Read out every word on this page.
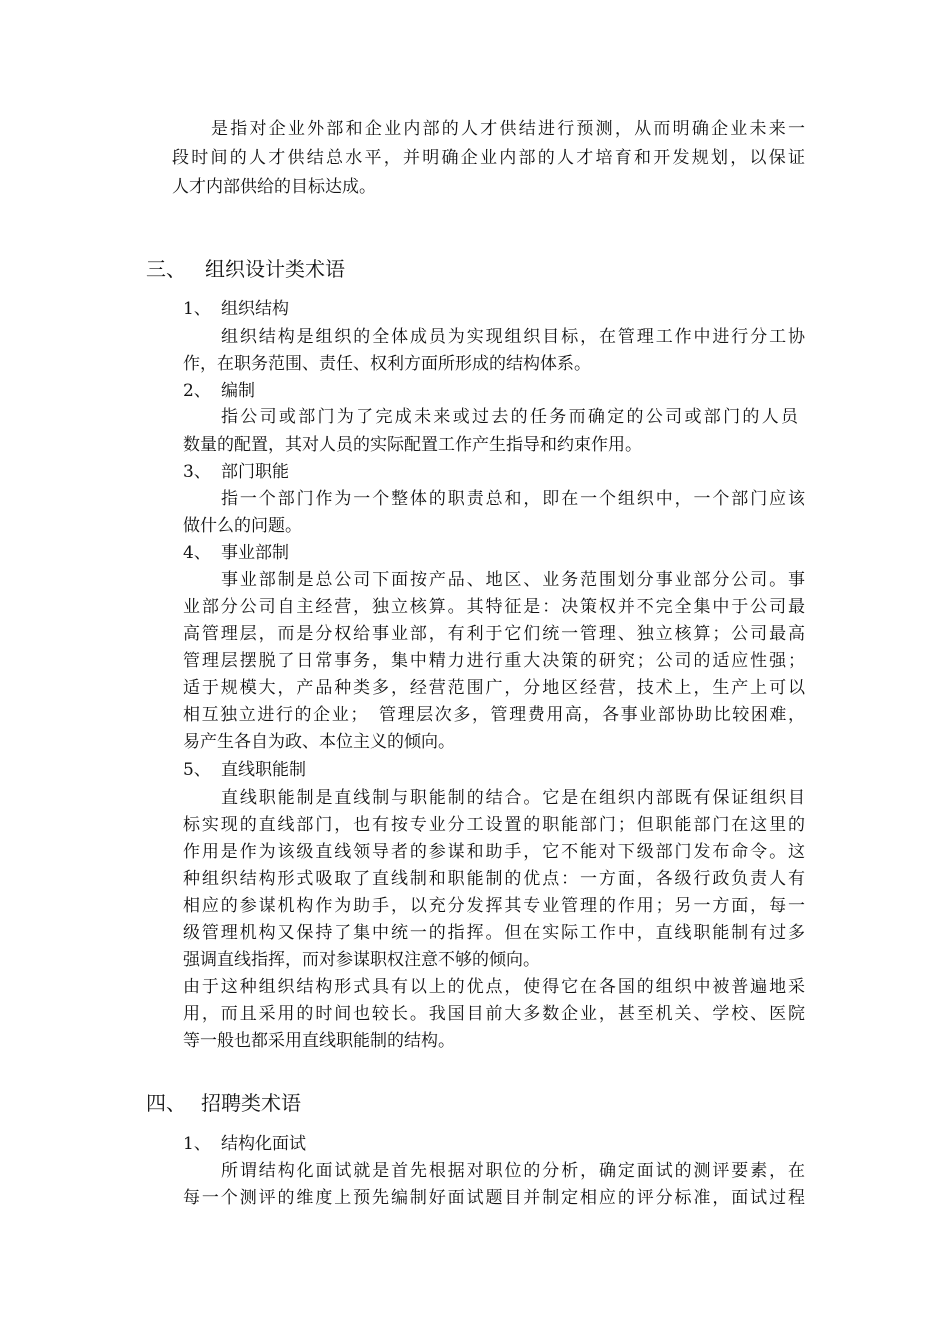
是指对企业外部和企业内部的人才供结进行预测，从而明确企业未来一
段时间的人才供结总水平，并明确企业内部的人才培育和开发规划，以保证
人才内部供给的目标达成。
三、 组织设计类术语
1、 组织结构
组织结构是组织的全体成员为实现组织目标，在管理工作中进行分工协
作，在职务范围、责任、权利方面所形成的结构体系。
2、 编制
指公司或部门为了完成未来或过去的任务而确定的公司或部门的人员
数量的配置，其对人员的实际配置工作产生指导和约束作用。
3、 部门职能
指一个部门作为一个整体的职责总和，即在一个组织中，一个部门应该
做什么的问题。
4、 事业部制
事业部制是总公司下面按产品、地区、业务范围划分事业部分公司。事
业部分公司自主经营，独立核算。其特征是：决策权并不完全集中于公司最
高管理层，而是分权给事业部，有利于它们统一管理、独立核算；公司最高
管理层摆脱了日常事务，集中精力进行重大决策的研究；公司的适应性强；
适于规模大，产品种类多，经营范围广，分地区经营，技术上，生产上可以
相互独立进行的企业；　管理层次多，管理费用高，各事业部协助比较困难，
易产生各自为政、本位主义的倾向。
5、 直线职能制
直线职能制是直线制与职能制的结合。它是在组织内部既有保证组织目
标实现的直线部门，也有按专业分工设置的职能部门；但职能部门在这里的
作用是作为该级直线领导者的参谋和助手，它不能对下级部门发布命令。这
种组织结构形式吸取了直线制和职能制的优点：一方面，各级行政负责人有
相应的参谋机构作为助手，以充分发挥其专业管理的作用；另一方面，每一
级管理机构又保持了集中统一的指挥。但在实际工作中，直线职能制有过多
强调直线指挥，而对参谋职权注意不够的倾向。
由于这种组织结构形式具有以上的优点，使得它在各国的组织中被普遍地采
用，而且采用的时间也较长。我国目前大多数企业，甚至机关、学校、医院
等一般也都采用直线职能制的结构。
四、 招聘类术语
1、 结构化面试
所谓结构化面试就是首先根据对职位的分析，确定面试的测评要素，在
每一个测评的维度上预先编制好面试题目并制定相应的评分标准，面试过程
